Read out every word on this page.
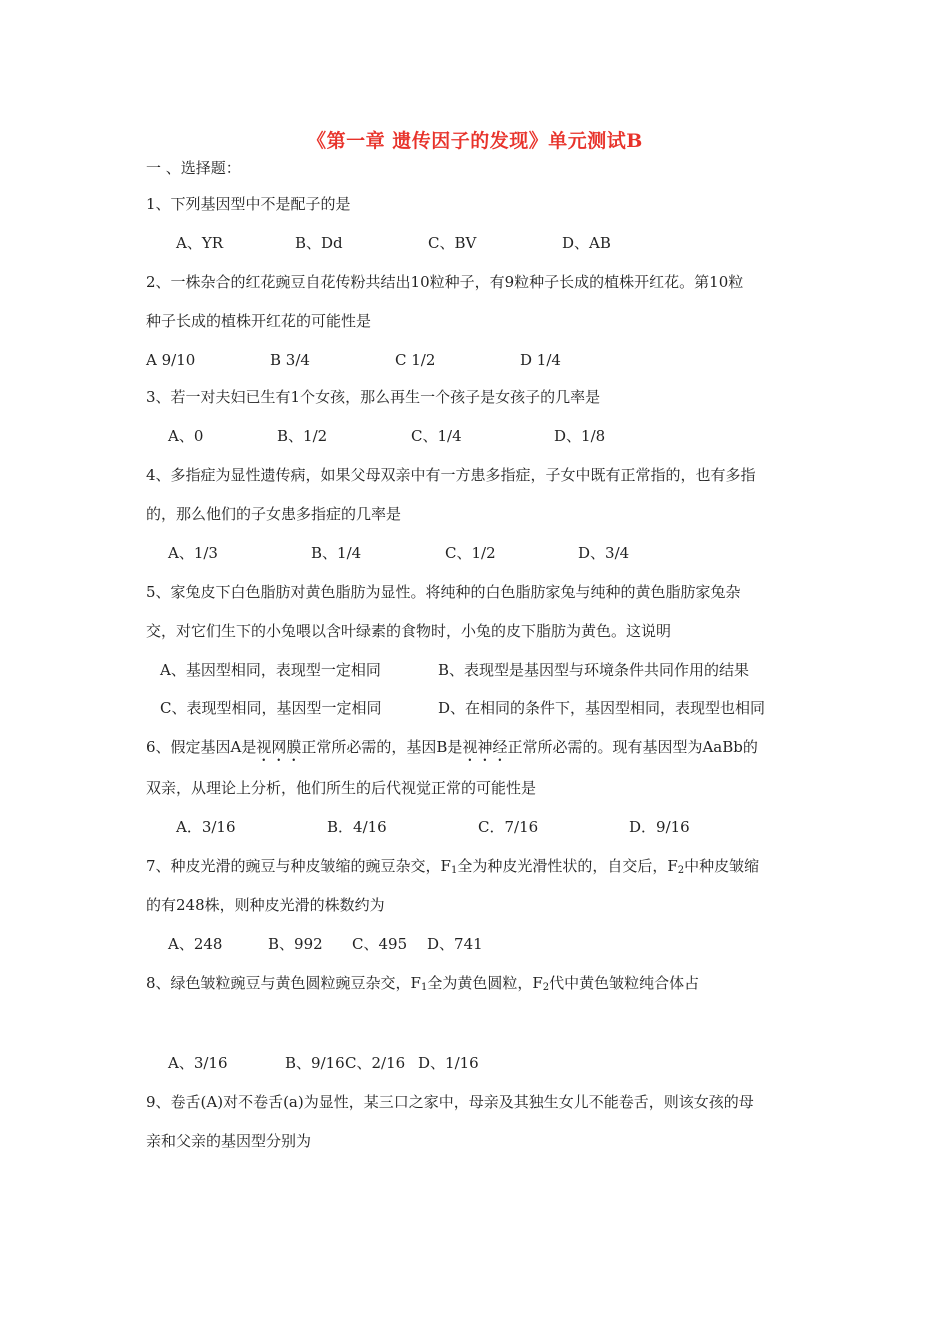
《第一章 遗传因子的发现》单元测试B
一 、选择题：
1、下列基因型中不是配子的是
A、YR	B、Dd	C、BV	D、AB
2、一株杂合的红花豌豆自花传粉共结出10粒种子，有9粒种子长成的植株开红花。第10粒
种子长成的植株开红花的可能性是
A 9/10	B 3/4	C 1/2	D 1/4
3、若一对夫妇已生有1个女孩，那么再生一个孩子是女孩子的几率是
A、0	B、1/2	C、1/4	D、1/8
4、多指症为显性遗传病，如果父母双亲中有一方患多指症，子女中既有正常指的，也有多指
的，那么他们的子女患多指症的几率是
A、1/3	B、1/4	C、1/2	D、3/4
5、家兔皮下白色脂肪对黄色脂肪为显性。将纯种的白色脂肪家兔与纯种的黄色脂肪家兔杂
交，对它们生下的小兔喂以含叶绿素的食物时，小兔的皮下脂肪为黄色。这说明
A、基因型相同，表现型一定相同	B、表现型是基因型与环境条件共同作用的结果
C、表现型相同，基因型一定相同	D、在相同的条件下，基因型相同，表现型也相同
6、假定基因A是视网膜正常所必需的，基因B是视神经正常所必需的。现有基因型为AaBb的
双亲，从理论上分析，他们所生的后代视觉正常的可能性是
A．3/16	B．4/16	C．7/16	D．9/16
7、种皮光滑的豌豆与种皮皱缩的豌豆杂交，$F_1$全为种皮光滑性状的，自交后，$F_2$中种皮皱缩
的有248株，则种皮光滑的株数约为
A、248	B、992 C、495 D、741
8、绿色皱粒豌豆与黄色圆粒豌豆杂交，$F_1$全为黄色圆粒，$F_2$代中黄色皱粒纯合体占
A、3/16	B、9/16 C、2/16 D、1/16
9、卷舌(A)对不卷舌(a)为显性，某三口之家中，母亲及其独生女儿不能卷舌，则该女孩的母
亲和父亲的基因型分别为
